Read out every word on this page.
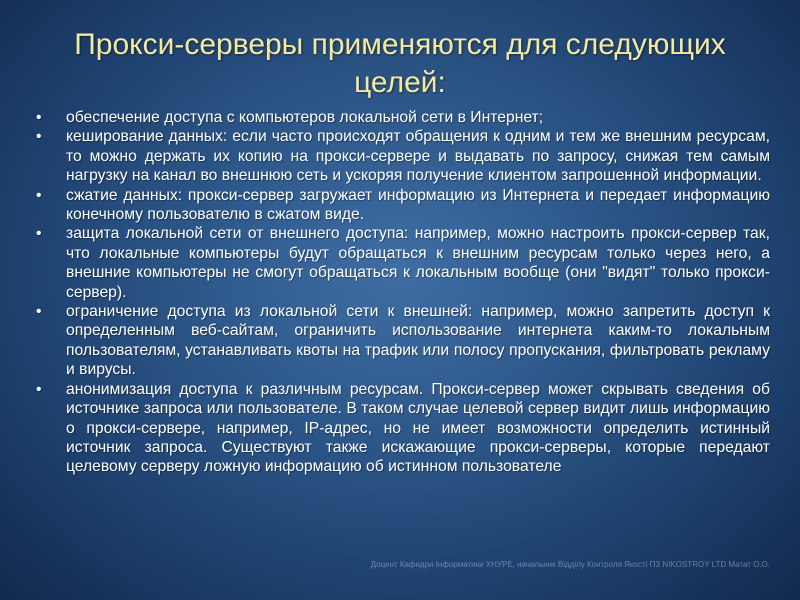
Прокси-серверы применяются для следующих целей:
• обеспечение доступа с компьютеров локальной сети в Интернет;
• кеширование данных: если часто происходят обращения к одним и тем же внешним ресурсам, то можно держать их копию на прокси-сервере и выдавать по запросу, снижая тем самым нагрузку на канал во внешнюю сеть и ускоряя получение клиентом запрошенной информации.
• сжатие данных: прокси-сервер загружает информацию из Интернета и передает информацию конечному пользователю в сжатом виде.
• защита локальной сети от внешнего доступа: например, можно настроить прокси-сервер так, что локальные компьютеры будут обращаться к внешним ресурсам только через него, а внешние компьютеры не смогут обращаться к локальным вообще (они "видят" только прокси-сервер).
• ограничение доступа из локальной сети к внешней: например, можно запретить доступ к определенным веб-сайтам, ограничить использование интернета каким-то локальным пользователям, устанавливать квоты на трафик или полосу пропускания, фильтровать рекламу и вирусы.
• анонимизация доступа к различным ресурсам. Прокси-сервер может скрывать сведения об источнике запроса или пользователе. В таком случае целевой сервер видит лишь информацию о прокси-сервере, например, IP-адрес, но не имеет возможности определить истинный источник запроса. Существуют также искажающие прокси-серверы, которые передают целевому серверу ложную информацию об истинном пользователе
Доцент Кафедри Інформатики ХНУРЕ, начальник Відділу Контроля Якості ПЗ NIKOSTROY LTD Матат О.О.
